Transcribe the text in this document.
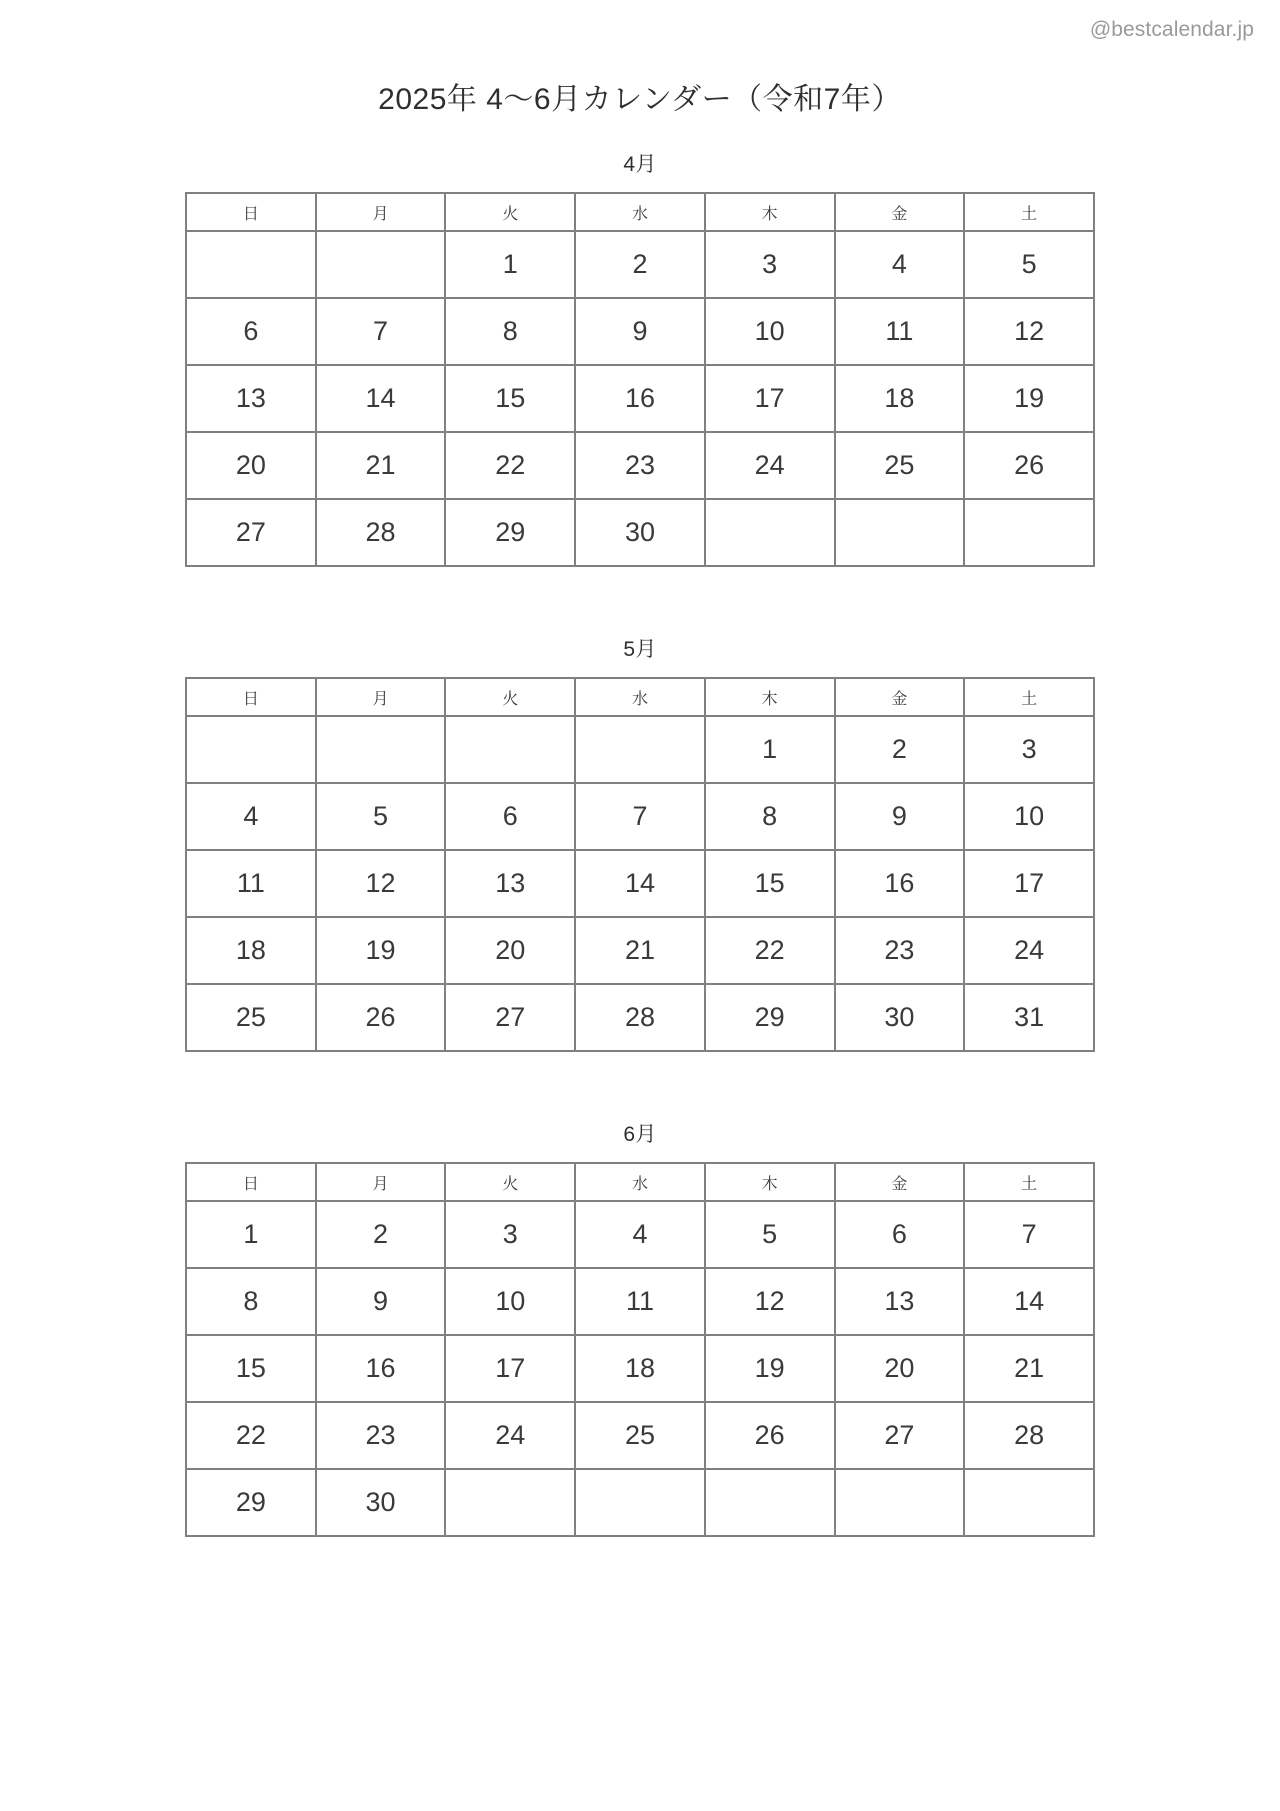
@bestcalendar.jp
2025年 4〜6月カレンダー（令和7年）
4月
日	月	火	水	木	金	土
		1	2	3	4	5
6	7	8	9	10	11	12
13	14	15	16	17	18	19
20	21	22	23	24	25	26
27	28	29	30			
5月
日	月	火	水	木	金	土
				1	2	3
4	5	6	7	8	9	10
11	12	13	14	15	16	17
18	19	20	21	22	23	24
25	26	27	28	29	30	31
6月
日	月	火	水	木	金	土
1	2	3	4	5	6	7
8	9	10	11	12	13	14
15	16	17	18	19	20	21
22	23	24	25	26	27	28
29	30					
